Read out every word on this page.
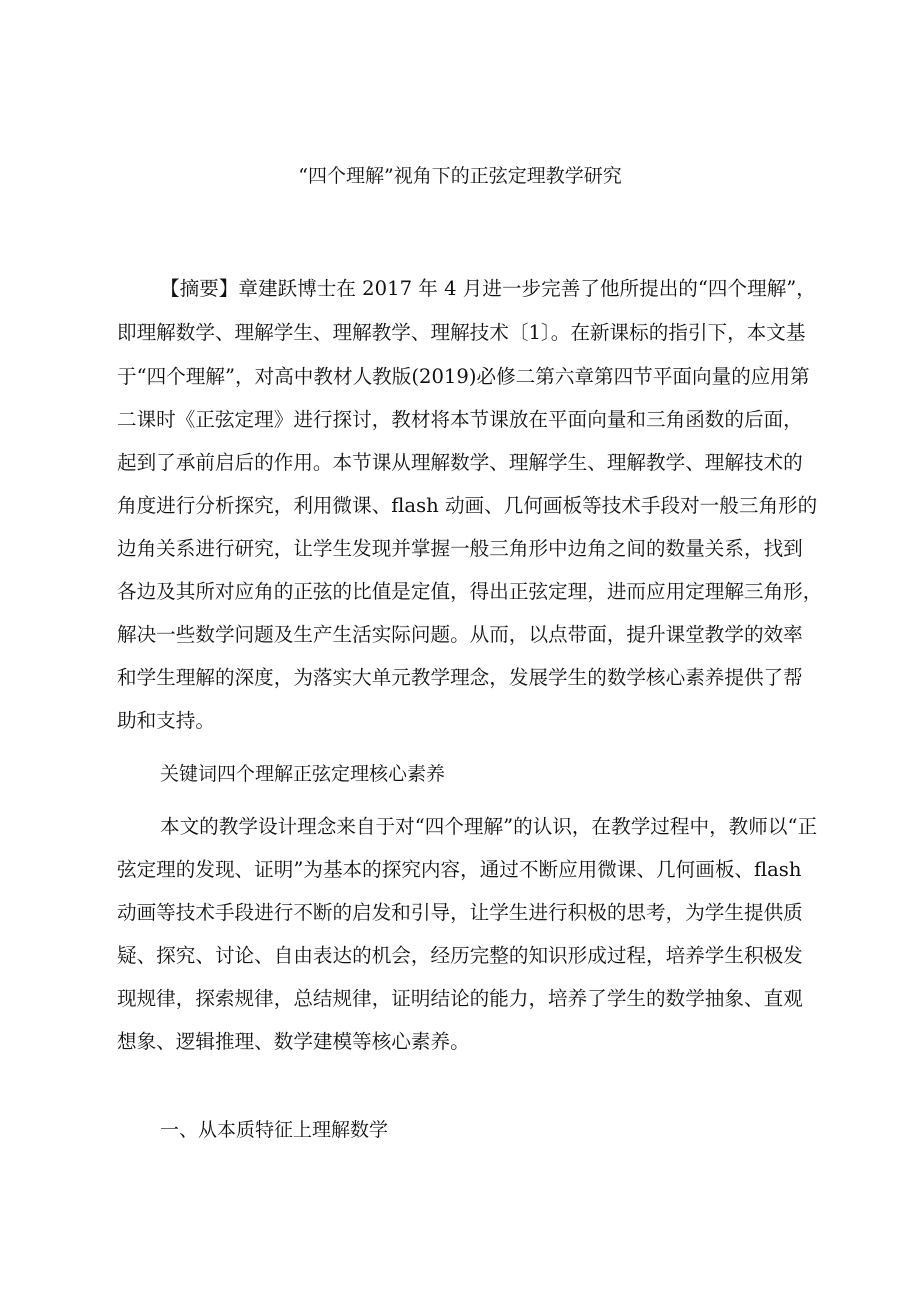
“四个理解”视角下的正弦定理教学研究
【摘要】章建跃博士在 2017 年 4 月进一步完善了他所提出的“四个理解”，
即理解数学、理解学生、理解教学、理解技术〔1〕。在新课标的指引下，本文基
于“四个理解”，对高中教材人教版(2019)必修二第六章第四节平面向量的应用第
二课时《正弦定理》进行探讨，教材将本节课放在平面向量和三角函数的后面，
起到了承前启后的作用。本节课从理解数学、理解学生、理解教学、理解技术的
角度进行分析探究，利用微课、flash 动画、几何画板等技术手段对一般三角形的
边角关系进行研究，让学生发现并掌握一般三角形中边角之间的数量关系，找到
各边及其所对应角的正弦的比值是定值，得出正弦定理，进而应用定理解三角形，
解决一些数学问题及生产生活实际问题。从而，以点带面，提升课堂教学的效率
和学生理解的深度，为落实大单元教学理念，发展学生的数学核心素养提供了帮
助和支持。
关键词四个理解正弦定理核心素养
本文的教学设计理念来自于对“四个理解”的认识，在教学过程中，教师以“正
弦定理的发现、证明”为基本的探究内容，通过不断应用微课、几何画板、flash
动画等技术手段进行不断的启发和引导，让学生进行积极的思考，为学生提供质
疑、探究、讨论、自由表达的机会，经历完整的知识形成过程，培养学生积极发
现规律，探索规律，总结规律，证明结论的能力，培养了学生的数学抽象、直观
想象、逻辑推理、数学建模等核心素养。
一、从本质特征上理解数学
